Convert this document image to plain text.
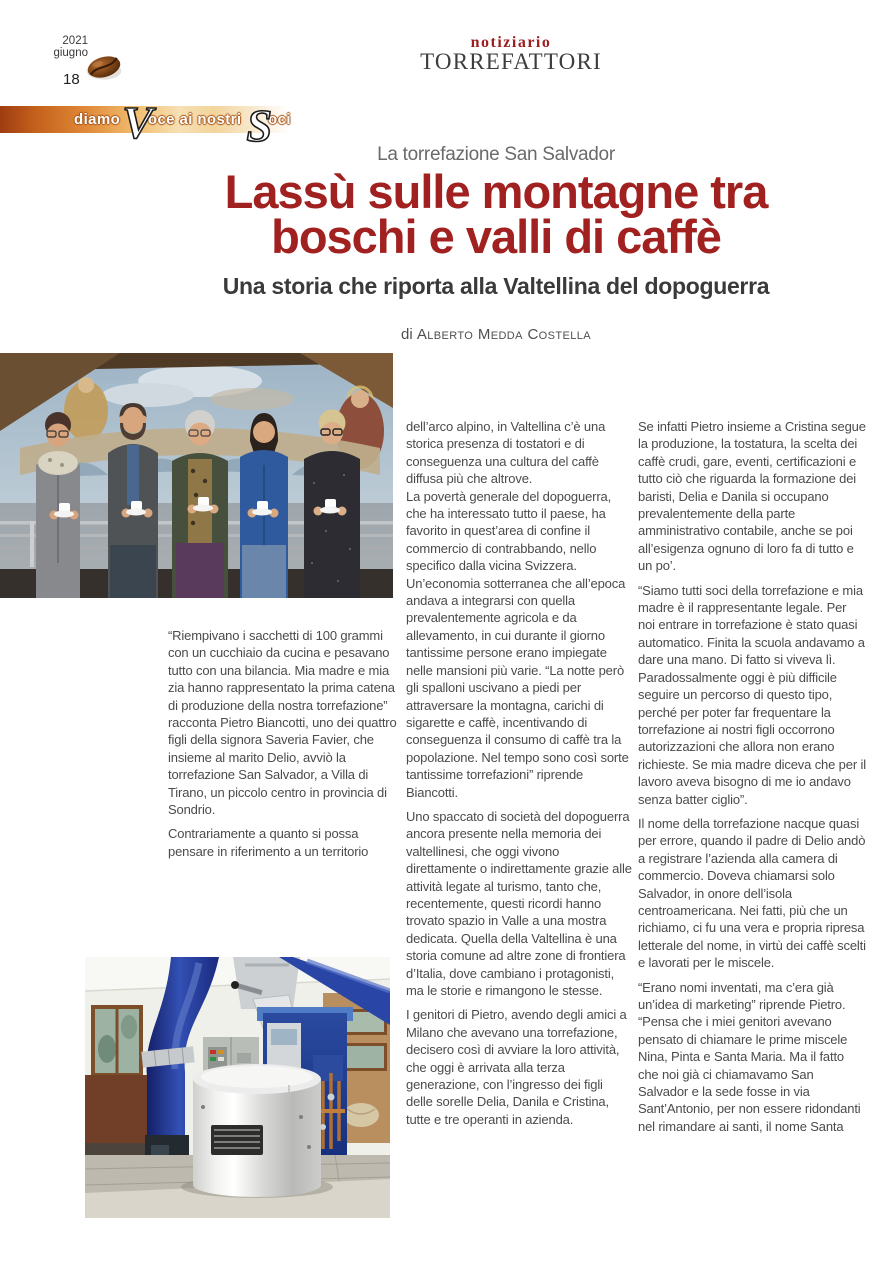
2021
giugno
18
notiziario
TORREFATTORI
diamo V
oce ai nostri S
oci
La torrefazione San Salvador
Lassù sulle montagne tra
boschi e valli di caffè
Una storia che riporta alla Valtellina del dopoguerra
di Alberto Medda Costella

“Riempivano i sacchetti di 100 grammi con un cucchiaio da cucina e pesavano tutto con una bilancia. Mia madre e mia zia hanno rappresentato la prima catena di produzione della nostra torrefazione” racconta Pietro Biancotti, uno dei quattro figli della signora Saveria Favier, che insieme al marito Delio, avviò la torrefazione San Salvador, a Villa di Tirano, un piccolo centro in provincia di Sondrio.

Contrariamente a quanto si possa pensare in riferimento a un territorio

dell’arco alpino, in Valtellina c’è una storica presenza di tostatori e di conseguenza una cultura del caffè diffusa più che altrove.

La povertà generale del dopoguerra, che ha interessato tutto il paese, ha favorito in quest’area di confine il commercio di contrabbando, nello specifico dalla vicina Svizzera. Un’economia sotterranea che all’epoca andava a integrarsi con quella prevalentemente agricola e da allevamento, in cui durante il giorno tantissime persone erano impiegate nelle mansioni più varie. “La notte però gli spalloni uscivano a piedi per attraversare la montagna, carichi di sigarette e caffè, incentivando di conseguenza il consumo di caffè tra la popolazione. Nel tempo sono così sorte tantissime torrefazioni” riprende Biancotti.

Uno spaccato di società del dopoguerra ancora presente nella memoria dei valtellinesi, che oggi vivono direttamente o indirettamente grazie alle attività legate al turismo, tanto che, recentemente, questi ricordi hanno trovato spazio in Valle a una mostra dedicata. Quella della Valtellina è una storia comune ad altre zone di frontiera d’Italia, dove cambiano i protagonisti, ma le storie e rimangono le stesse.

I genitori di Pietro, avendo degli amici a Milano che avevano una torrefazione, decisero così di avviare la loro attività, che oggi è arrivata alla terza generazione, con l’ingresso dei figli delle sorelle Delia, Danila e Cristina, tutte e tre operanti in azienda.

Se infatti Pietro insieme a Cristina segue la produzione, la tostatura, la scelta dei caffè crudi, gare, eventi, certificazioni e tutto ciò che riguarda la formazione dei baristi, Delia e Danila si occupano prevalentemente della parte amministrativo contabile, anche se poi all’esigenza ognuno di loro fa di tutto e un po’.

“Siamo tutti soci della torrefazione e mia madre è il rappresentante legale. Per noi entrare in torrefazione è stato quasi automatico. Finita la scuola andavamo a dare una mano. Di fatto si viveva lì. Paradossalmente oggi è più difficile seguire un percorso di questo tipo, perché per poter far frequentare la torrefazione ai nostri figli occorrono autorizzazioni che allora non erano richieste. Se mia madre diceva che per il lavoro aveva bisogno di me io andavo senza batter ciglio”.

Il nome della torrefazione nacque quasi per errore, quando il padre di Delio andò a registrare l’azienda alla camera di commercio. Doveva chiamarsi solo Salvador, in onore dell’isola centroamericana. Nei fatti, più che un richiamo, ci fu una vera e propria ripresa letterale del nome, in virtù dei caffè scelti e lavorati per le miscele.

“Erano nomi inventati, ma c’era già un’idea di marketing” riprende Pietro. “Pensa che i miei genitori avevano pensato di chiamare le prime miscele Nina, Pinta e Santa Maria. Ma il fatto che noi già ci chiamavamo San Salvador e la sede fosse in via Sant’Antonio, per non essere ridondanti nel rimandare ai santi, il nome Santa
